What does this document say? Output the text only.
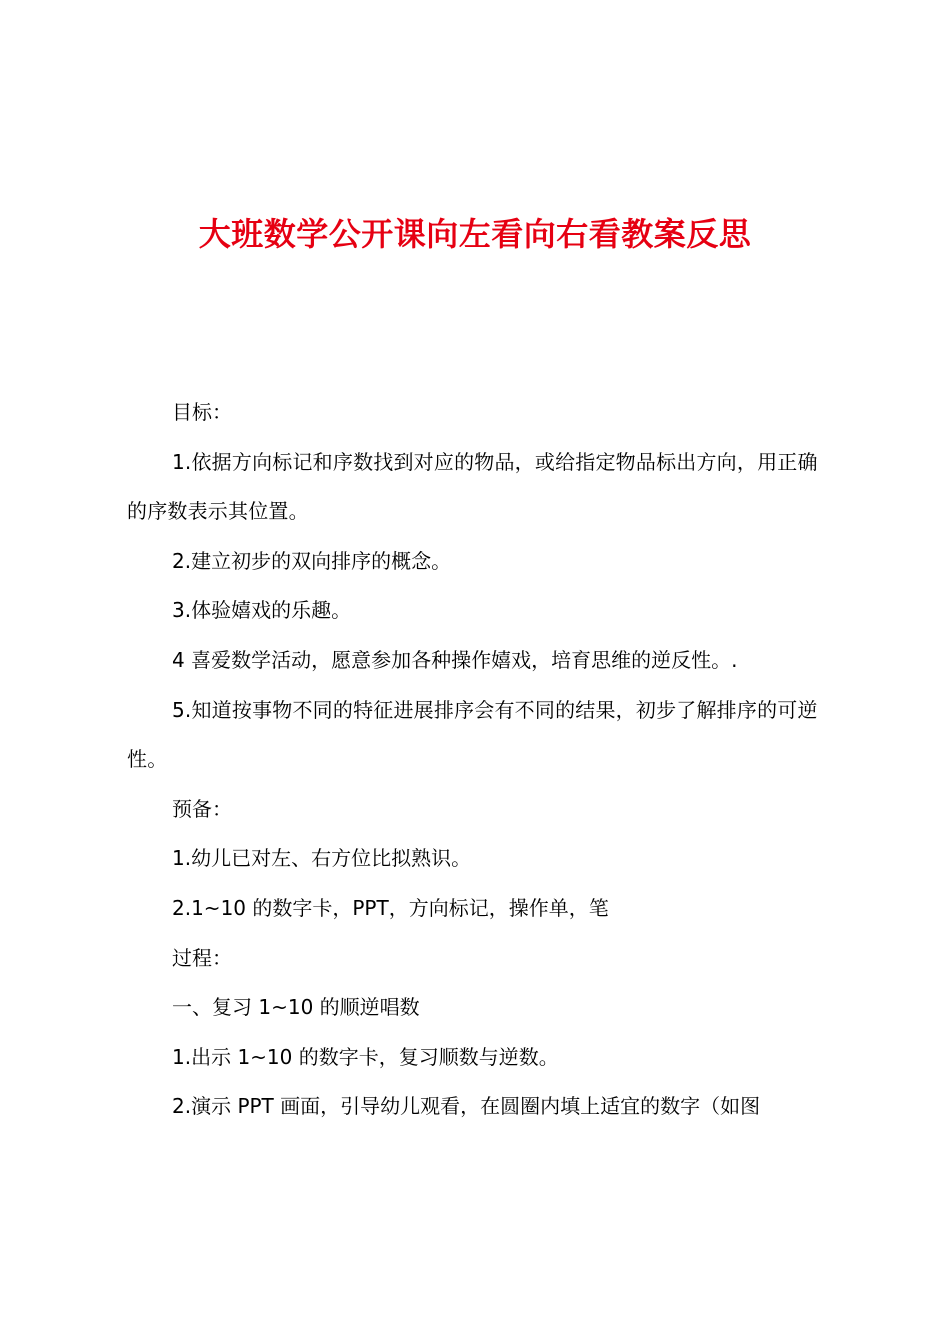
大班数学公开课向左看向右看教案反思

目标：

1.依据方向标记和序数找到对应的物品，或给指定物品标出方向，用正确的序数表示其位置。

2.建立初步的双向排序的概念。

3.体验嬉戏的乐趣。

4 喜爱数学活动，愿意参加各种操作嬉戏，培育思维的逆反性。.

5.知道按事物不同的特征进展排序会有不同的结果，初步了解排序的可逆性。

预备：

1.幼儿已对左、右方位比拟熟识。

2.1~10 的数字卡，PPT，方向标记，操作单，笔

过程：

一、复习 1~10 的顺逆唱数

1.出示 1~10 的数字卡，复习顺数与逆数。

2.演示 PPT 画面，引导幼儿观看，在圆圈内填上适宜的数字（如图
